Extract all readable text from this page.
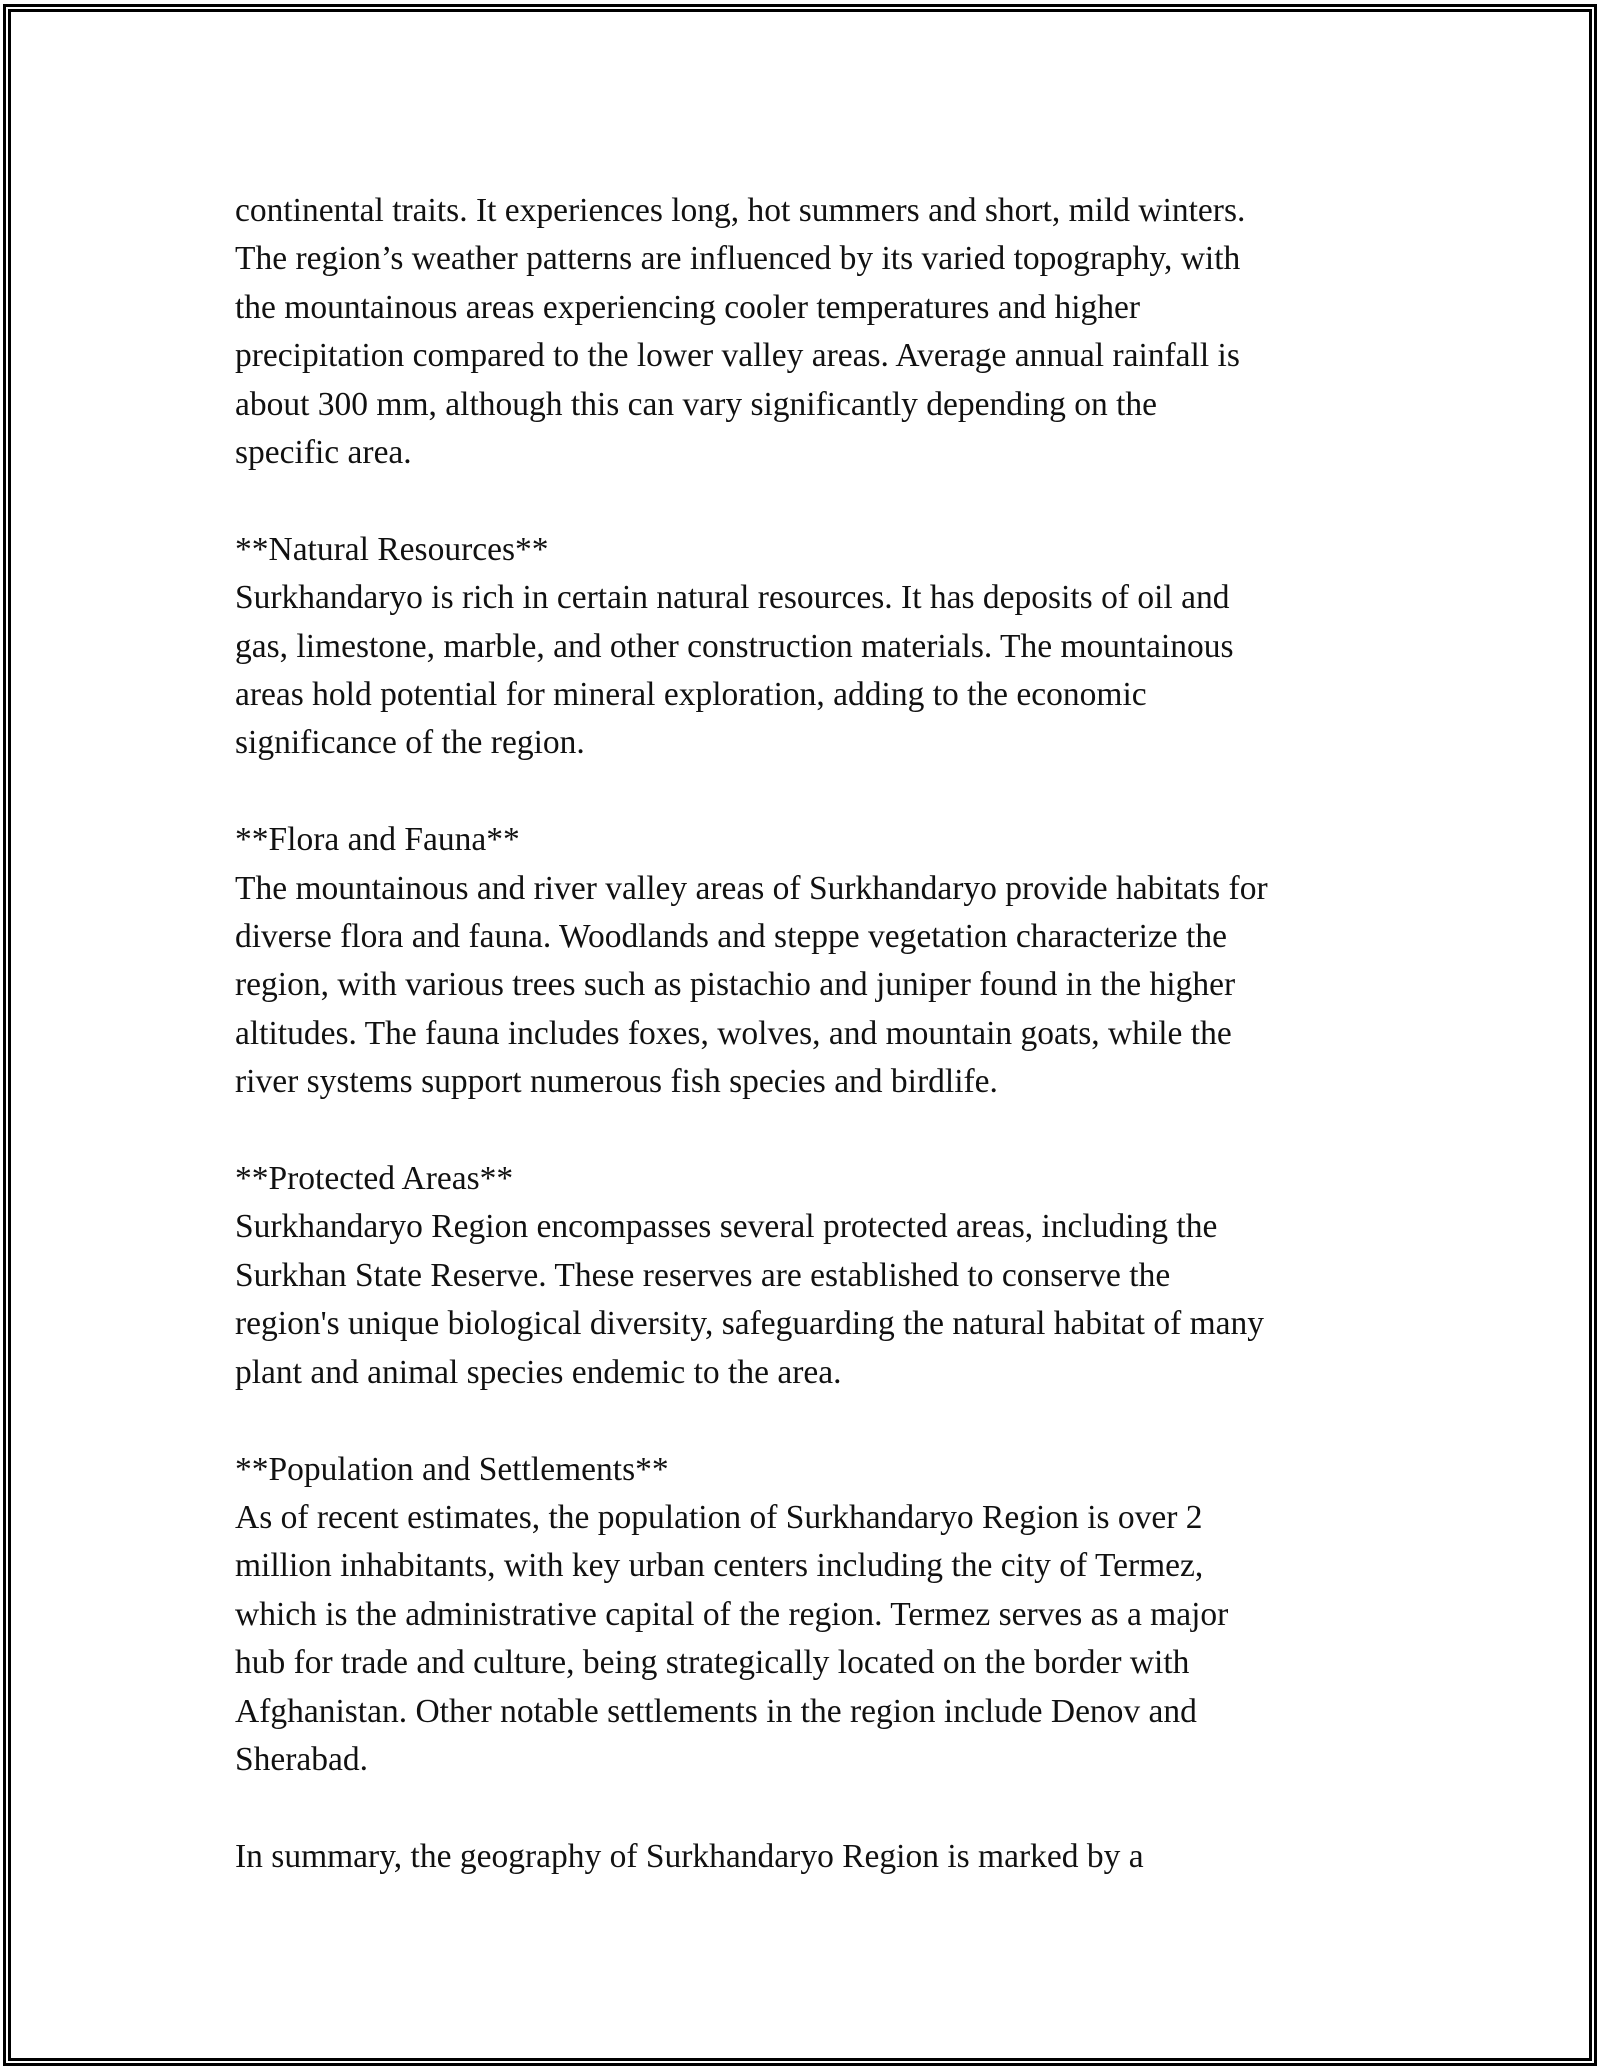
continental traits. It experiences long, hot summers and short, mild winters.
The region’s weather patterns are influenced by its varied topography, with
the mountainous areas experiencing cooler temperatures and higher
precipitation compared to the lower valley areas. Average annual rainfall is
about 300 mm, although this can vary significantly depending on the
specific area.

**Natural Resources**
Surkhandaryo is rich in certain natural resources. It has deposits of oil and
gas, limestone, marble, and other construction materials. The mountainous
areas hold potential for mineral exploration, adding to the economic
significance of the region.

**Flora and Fauna**
The mountainous and river valley areas of Surkhandaryo provide habitats for
diverse flora and fauna. Woodlands and steppe vegetation characterize the
region, with various trees such as pistachio and juniper found in the higher
altitudes. The fauna includes foxes, wolves, and mountain goats, while the
river systems support numerous fish species and birdlife.

**Protected Areas**
Surkhandaryo Region encompasses several protected areas, including the
Surkhan State Reserve. These reserves are established to conserve the
region's unique biological diversity, safeguarding the natural habitat of many
plant and animal species endemic to the area.

**Population and Settlements**
As of recent estimates, the population of Surkhandaryo Region is over 2
million inhabitants, with key urban centers including the city of Termez,
which is the administrative capital of the region. Termez serves as a major
hub for trade and culture, being strategically located on the border with
Afghanistan. Other notable settlements in the region include Denov and
Sherabad.

In summary, the geography of Surkhandaryo Region is marked by a
